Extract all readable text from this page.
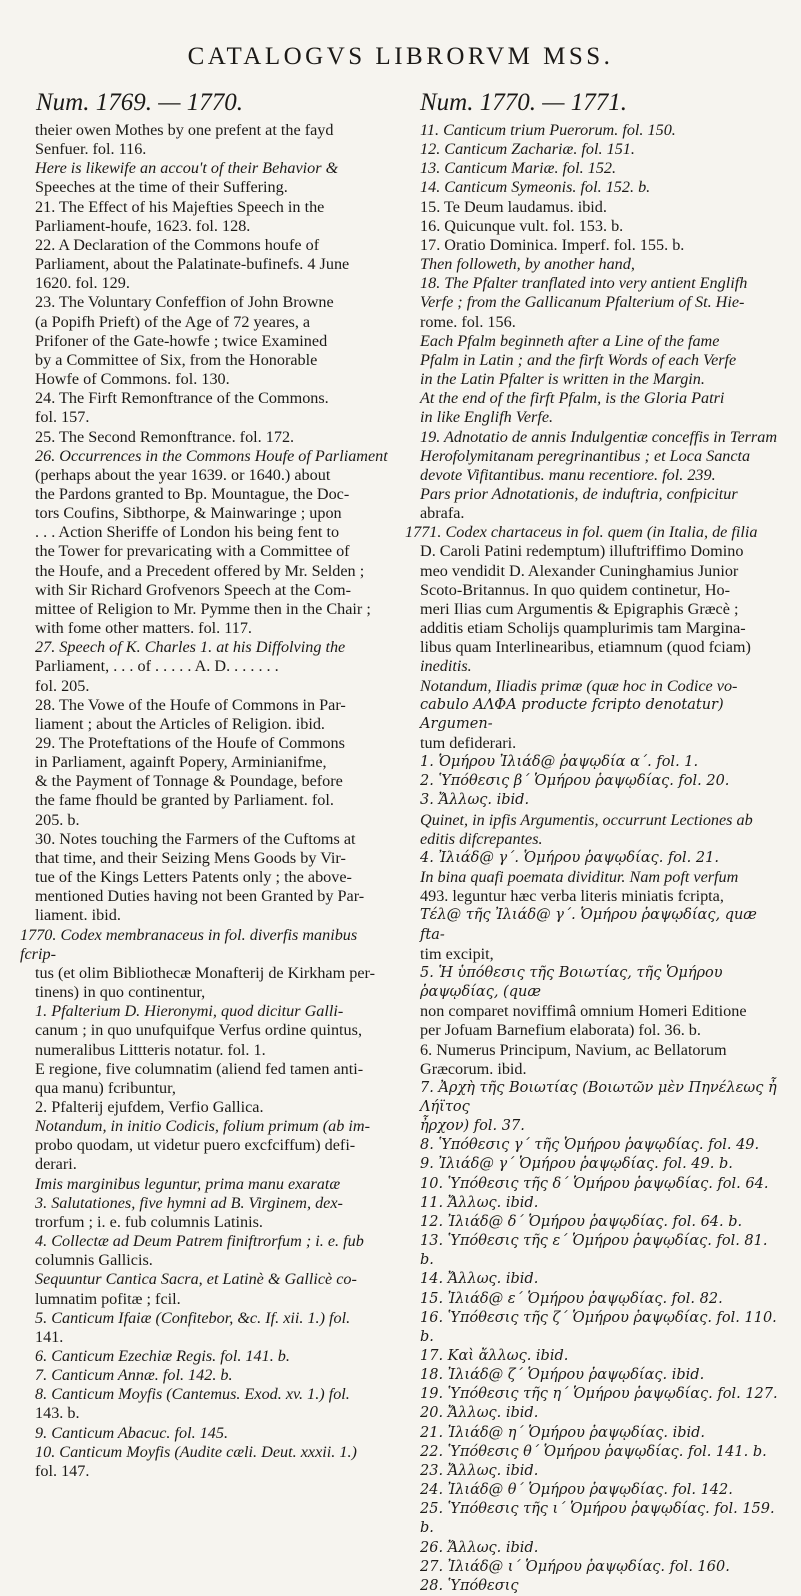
CATALOGVS LIBRORVM MSS.
Num. 1769. — 1770.

theier owen Mothes by one prefent at the fayd

Senfuer. fol. 116.

Here is likewife an accou't of their Behavior &

Speeches at the time of their Suffering.

21. The Effect of his Majefties Speech in the

Parliament-houfe, 1623. fol. 128.

22. A Declaration of the Commons houfe of

Parliament, about the Palatinate-bufinefs. 4 June

1620. fol. 129.

23. The Voluntary Confeffion of John Browne

(a Popifh Prieft) of the Age of 72 yeares, a

Prifoner of the Gate-howfe ; twice Examined

by a Committee of Six, from the Honorable

Howfe of Commons. fol. 130.

24. The Firft Remonftrance of the Commons.

fol. 157.

25. The Second Remonftrance. fol. 172.

26. Occurrences in the Commons Houfe of Parliament

(perhaps about the year 1639. or 1640.) about

the Pardons granted to Bp. Mountague, the Doc-

tors Coufins, Sibthorpe, & Mainwaringe ; upon

. . . Action Sheriffe of London his being fent to

the Tower for prevaricating with a Committee of

the Houfe, and a Precedent offered by Mr. Selden ;

with Sir Richard Grofvenors Speech at the Com-

mittee of Religion to Mr. Pymme then in the Chair ;

with fome other matters. fol. 117.

27. Speech of K. Charles 1. at his Diffolving the

Parliament, . . . of . . . . . A. D. . . . . . .

fol. 205.

28. The Vowe of the Houfe of Commons in Par-

liament ; about the Articles of Religion. ibid.

29. The Proteftations of the Houfe of Commons

in Parliament, againft Popery, Arminianifme,

& the Payment of Tonnage & Poundage, before

the fame fhould be granted by Parliament. fol.

205. b.

30. Notes touching the Farmers of the Cuftoms at

that time, and their Seizing Mens Goods by Vir-

tue of the Kings Letters Patents only ; the above-

mentioned Duties having not been Granted by Par-

liament. ibid.

1770. Codex membranaceus in fol. diverfis manibus fcrip-

tus (et olim Bibliothecæ Monafterij de Kirkham per-

tinens) in quo continentur,

1. Pfalterium D. Hieronymi, quod dicitur Galli-

canum ; in quo unufquifque Verfus ordine quintus,

numeralibus Littteris notatur. fol. 1.

E regione, five columnatim (aliend fed tamen anti-

qua manu) fcribuntur,

2. Pfalterij ejufdem, Verfio Gallica.

Notandum, in initio Codicis, folium primum (ab im-

probo quodam, ut videtur puero excfciffum) defi-

derari.

Imis marginibus leguntur, prima manu exaratæ

3. Salutationes, five hymni ad B. Virginem, dex-

trorfum ; i. e. fub columnis Latinis.

4. Collectæ ad Deum Patrem finiftrorfum ; i. e. fub

columnis Gallicis.

Sequuntur Cantica Sacra, et Latinè & Gallicè co-

lumnatim pofitæ ; fcil.

5. Canticum Ifaiæ (Confitebor, &c. If. xii. 1.) fol.

141.

6. Canticum Ezechiæ Regis. fol. 141. b.

7. Canticum Annæ. fol. 142. b.

8. Canticum Moyfis (Cantemus. Exod. xv. 1.) fol.

143. b.

9. Canticum Abacuc. fol. 145.

10. Canticum Moyfis (Audite cæli. Deut. xxxii. 1.)

fol. 147.

Num. 1770. — 1771.

11. Canticum trium Puerorum. fol. 150.

12. Canticum Zachariæ. fol. 151.

13. Canticum Mariæ. fol. 152.

14. Canticum Symeonis. fol. 152. b.

15. Te Deum laudamus. ibid.

16. Quicunque vult. fol. 153. b.

17. Oratio Dominica. Imperf. fol. 155. b.

Then followeth, by another hand,

18. The Pfalter tranflated into very antient Englifh

Verfe ; from the Gallicanum Pfalterium of St. Hie-

rome. fol. 156.

Each Pfalm beginneth after a Line of the fame

Pfalm in Latin ; and the firft Words of each Verfe

in the Latin Pfalter is written in the Margin.

At the end of the firft Pfalm, is the Gloria Patri

in like Englifh Verfe.

19. Adnotatio de annis Indulgentiæ conceffis in Terram

Herofolymitanam peregrinantibus ; et Loca Sancta

devote Vifitantibus. manu recentiore. fol. 239.

Pars prior Adnotationis, de induftria, confpicitur

abrafa.

1771. Codex chartaceus in fol. quem (in Italia, de filia

D. Caroli Patini redemptum) illuftriffimo Domino

meo vendidit D. Alexander Cuninghamius Junior

Scoto-Britannus. In quo quidem continetur, Ho-

meri Ilias cum Argumentis & Epigraphis Græcè ;

additis etiam Scholijs quamplurimis tam Margina-

libus quam Interlinearibus, etiamnum (quod fciam)

ineditis.

Notandum, Iliadis primæ (quæ hoc in Codice vo-

cabulo ΑΛΦΑ producte fcripto denotatur) Argumen-

tum defiderari.

1. Ὁμήρου Ἰλιάδ@ ῥαψῳδία α΄. fol. 1.

2. Ὑπόθεσις β΄ Ὁμήρου ῥαψῳδίας. fol. 20.

3. Ἄλλως. ibid.

Quinet, in ipfis Argumentis, occurrunt Lectiones ab

editis difcrepantes.

4. Ἰλιάδ@ γ΄. Ὁμήρου ῥαψῳδίας. fol. 21.

In bina quafi poemata dividitur. Nam poft verfum

493. leguntur hæc verba literis miniatis fcripta,

Τέλ@ τῆς Ἰλιάδ@ γ΄. Ὁμήρου ῥαψῳδίας, quæ fta-

tim excipit,

5. Ἡ ὑπόθεσις τῆς Βοιωτίας, τῆς Ὁμήρου ῥαψῳδίας, (quæ

non comparet noviffimâ omnium Homeri Editione

per Jofuam Barnefium elaborata) fol. 36. b.

6. Numerus Principum, Navium, ac Bellatorum

Græcorum. ibid.

7. Ἀρχὴ τῆς Βοιωτίας (Βοιωτῶν μὲν Πηνέλεως ἦ Λήϊτος

ἦρχον) fol. 37.

8. Ὑπόθεσις γ΄ τῆς Ὁμήρου ῥαψῳδίας. fol. 49.

9. Ἰλιάδ@ γ΄ Ὁμήρου ῥαψῳδίας. fol. 49. b.

10. Ὑπόθεσις τῆς δ΄ Ὁμήρου ῥαψῳδίας. fol. 64.

11. Ἄλλως. ibid.

12. Ἰλιάδ@ δ΄ Ὁμήρου ῥαψῳδίας. fol. 64. b.

13. Ὑπόθεσις τῆς ε΄ Ὁμήρου ῥαψῳδίας. fol. 81. b.

14. Ἄλλως. ibid.

15. Ἰλιάδ@ ε΄ Ὁμήρου ῥαψῳδίας. fol. 82.

16. Ὑπόθεσις τῆς ζ΄ Ὁμήρου ῥαψῳδίας. fol. 110. b.

17. Καὶ ἄλλως. ibid.

18. Ἰλιάδ@ ζ΄ Ὁμήρου ῥαψῳδίας. ibid.

19. Ὑπόθεσις τῆς η΄ Ὁμήρου ῥαψῳδίας. fol. 127.

20. Ἄλλως. ibid.

21. Ἰλιάδ@ η΄ Ὁμήρου ῥαψῳδίας. ibid.

22. Ὑπόθεσις θ΄ Ὁμήρου ῥαψῳδίας. fol. 141. b.

23. Ἄλλως. ibid.

24. Ἰλιάδ@ θ΄ Ὁμήρου ῥαψῳδίας. fol. 142.

25. Ὑπόθεσις τῆς ι΄ Ὁμήρου ῥαψῳδίας. fol. 159. b.

26. Ἄλλως. ibid.

27. Ἰλιάδ@ ι΄ Ὁμήρου ῥαψῳδίας. fol. 160.

28. Ὑπόθεσις
